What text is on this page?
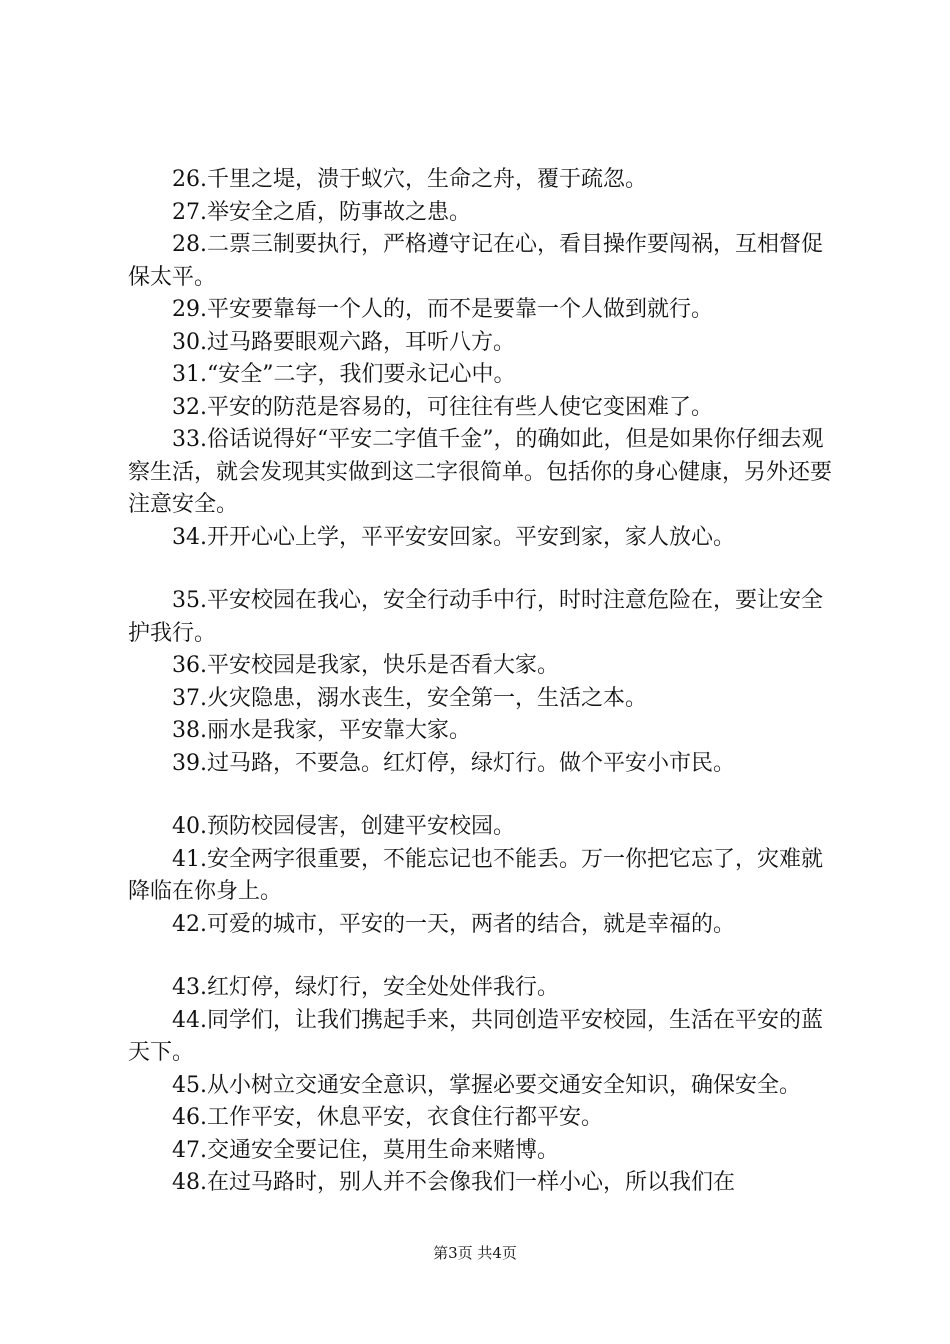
26.千里之堤，溃于蚁穴，生命之舟，覆于疏忽。

27.举安全之盾，防事故之患。

28.二票三制要执行，严格遵守记在心，看目操作要闯祸，互相督促保太平。

29.平安要靠每一个人的，而不是要靠一个人做到就行。

30.过马路要眼观六路，耳听八方。

31.“安全”二字，我们要永记心中。

32.平安的防范是容易的，可往往有些人使它变困难了。

33.俗话说得好“平安二字值千金”，的确如此，但是如果你仔细去观察生活，就会发现其实做到这二字很简单。包括你的身心健康，另外还要注意安全。

34.开开心心上学，平平安安回家。平安到家，家人放心。

35.平安校园在我心，安全行动手中行，时时注意危险在，要让安全护我行。

36.平安校园是我家，快乐是否看大家。

37.火灾隐患，溺水丧生，安全第一，生活之本。

38.丽水是我家，平安靠大家。

39.过马路，不要急。红灯停，绿灯行。做个平安小市民。

40.预防校园侵害，创建平安校园。

41.安全两字很重要，不能忘记也不能丢。万一你把它忘了，灾难就降临在你身上。

42.可爱的城市，平安的一天，两者的结合，就是幸福的。

43.红灯停，绿灯行，安全处处伴我行。

44.同学们，让我们携起手来，共同创造平安校园，生活在平安的蓝天下。

45.从小树立交通安全意识，掌握必要交通安全知识，确保安全。

46.工作平安，休息平安，衣食住行都平安。

47.交通安全要记住，莫用生命来赌博。

48.在过马路时，别人并不会像我们一样小心，所以我们在

第3页 共4页
